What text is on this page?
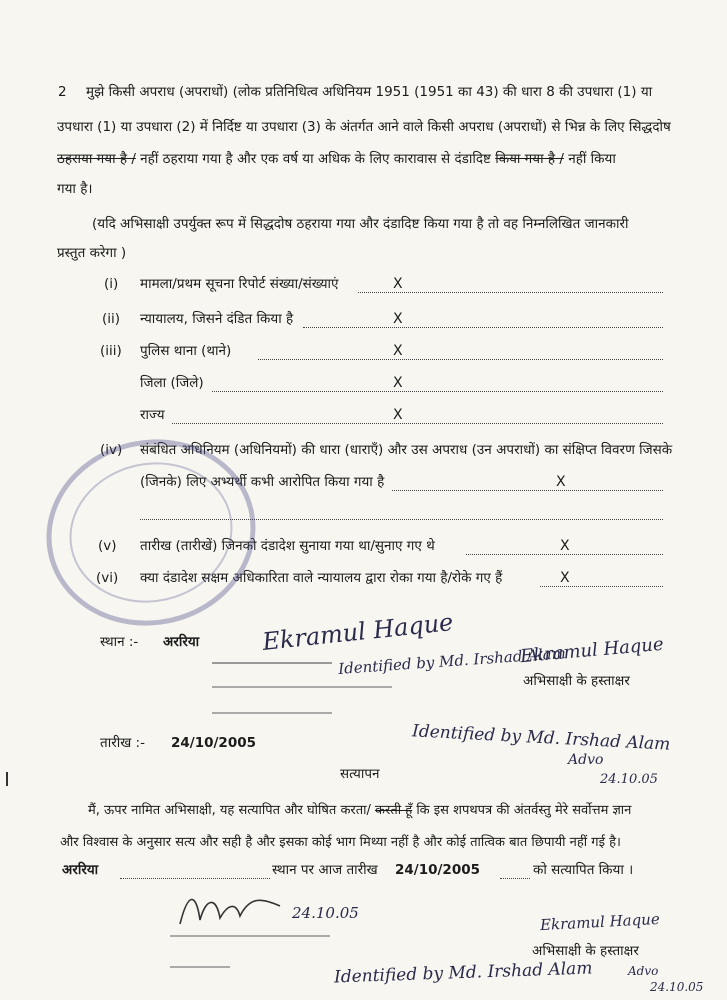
2 मुझे किसी अपराध (अपराधों) (लोक प्रतिनिधित्व अधिनियम 1951 (1951 का 43) की धारा 8 की उपधारा (1) या
उपधारा (1) या उपधारा (2) में निर्दिष्ट या उपधारा (3) के अंतर्गत आने वाले किसी अपराध (अपराधों) से भिन्न के लिए सिद्धदोष
ठहराया गया है / नहीं ठहराया गया है और एक वर्ष या अधिक के लिए कारावास से दंडादिष्ट किया गया है / नहीं किया
गया है।
(यदि अभिसाक्षी उपर्युक्त रूप में सिद्धदोष ठहराया गया और दंडादिष्ट किया गया है तो वह निम्नलिखित जानकारी
प्रस्तुत करेगा )
(i) मामला/प्रथम सूचना रिपोर्ट संख्या/संख्याएं	X
(ii) न्यायालय, जिसने दंडित किया है	X
(iii) पुलिस थाना (थाने)	X
जिला (जिले)	X
राज्य	X
(iv) संबंधित अधिनियम (अधिनियमों) की धारा (धाराएँ) और उस अपराध (उन अपराधों) का संक्षिप्त विवरण जिसके
(जिनके) लिए अभ्यर्थी कभी आरोपित किया गया है	X
(v) तारीख (तारीखें) जिनको दंडादेश सुनाया गया था/सुनाए गए थे	X
(vi) क्या दंडादेश सक्षम अधिकारिता वाले न्यायालय द्वारा रोका गया है/रोके गए हैं	X
स्थान :- अररिया	Ekramul Haque
Identified by Md. Irshad Alam
Ekramul Haque
अभिसाक्षी के हस्ताक्षर
तारीख :- 24/10/2005	Identified by Md. Irshad Alam
Advo
24.10.05
सत्यापन
मैं, ऊपर नामित अभिसाक्षी, यह सत्यापित और घोषित करता/ करती हूँ कि इस शपथपत्र की अंतर्वस्तु मेरे सर्वोत्तम ज्ञान
और विश्वास के अनुसार सत्य और सही है और इसका कोई भाग मिथ्या नहीं है और कोई तात्विक बात छिपायी नहीं गई है।
अररिया	स्थान पर आज तारीख 24/10/2005	को सत्यापित किया ।
24.10.05	Ekramul Haque
अभिसाक्षी के हस्ताक्षर
Identified by Md. Irshad Alam	Advo
24.10.05
